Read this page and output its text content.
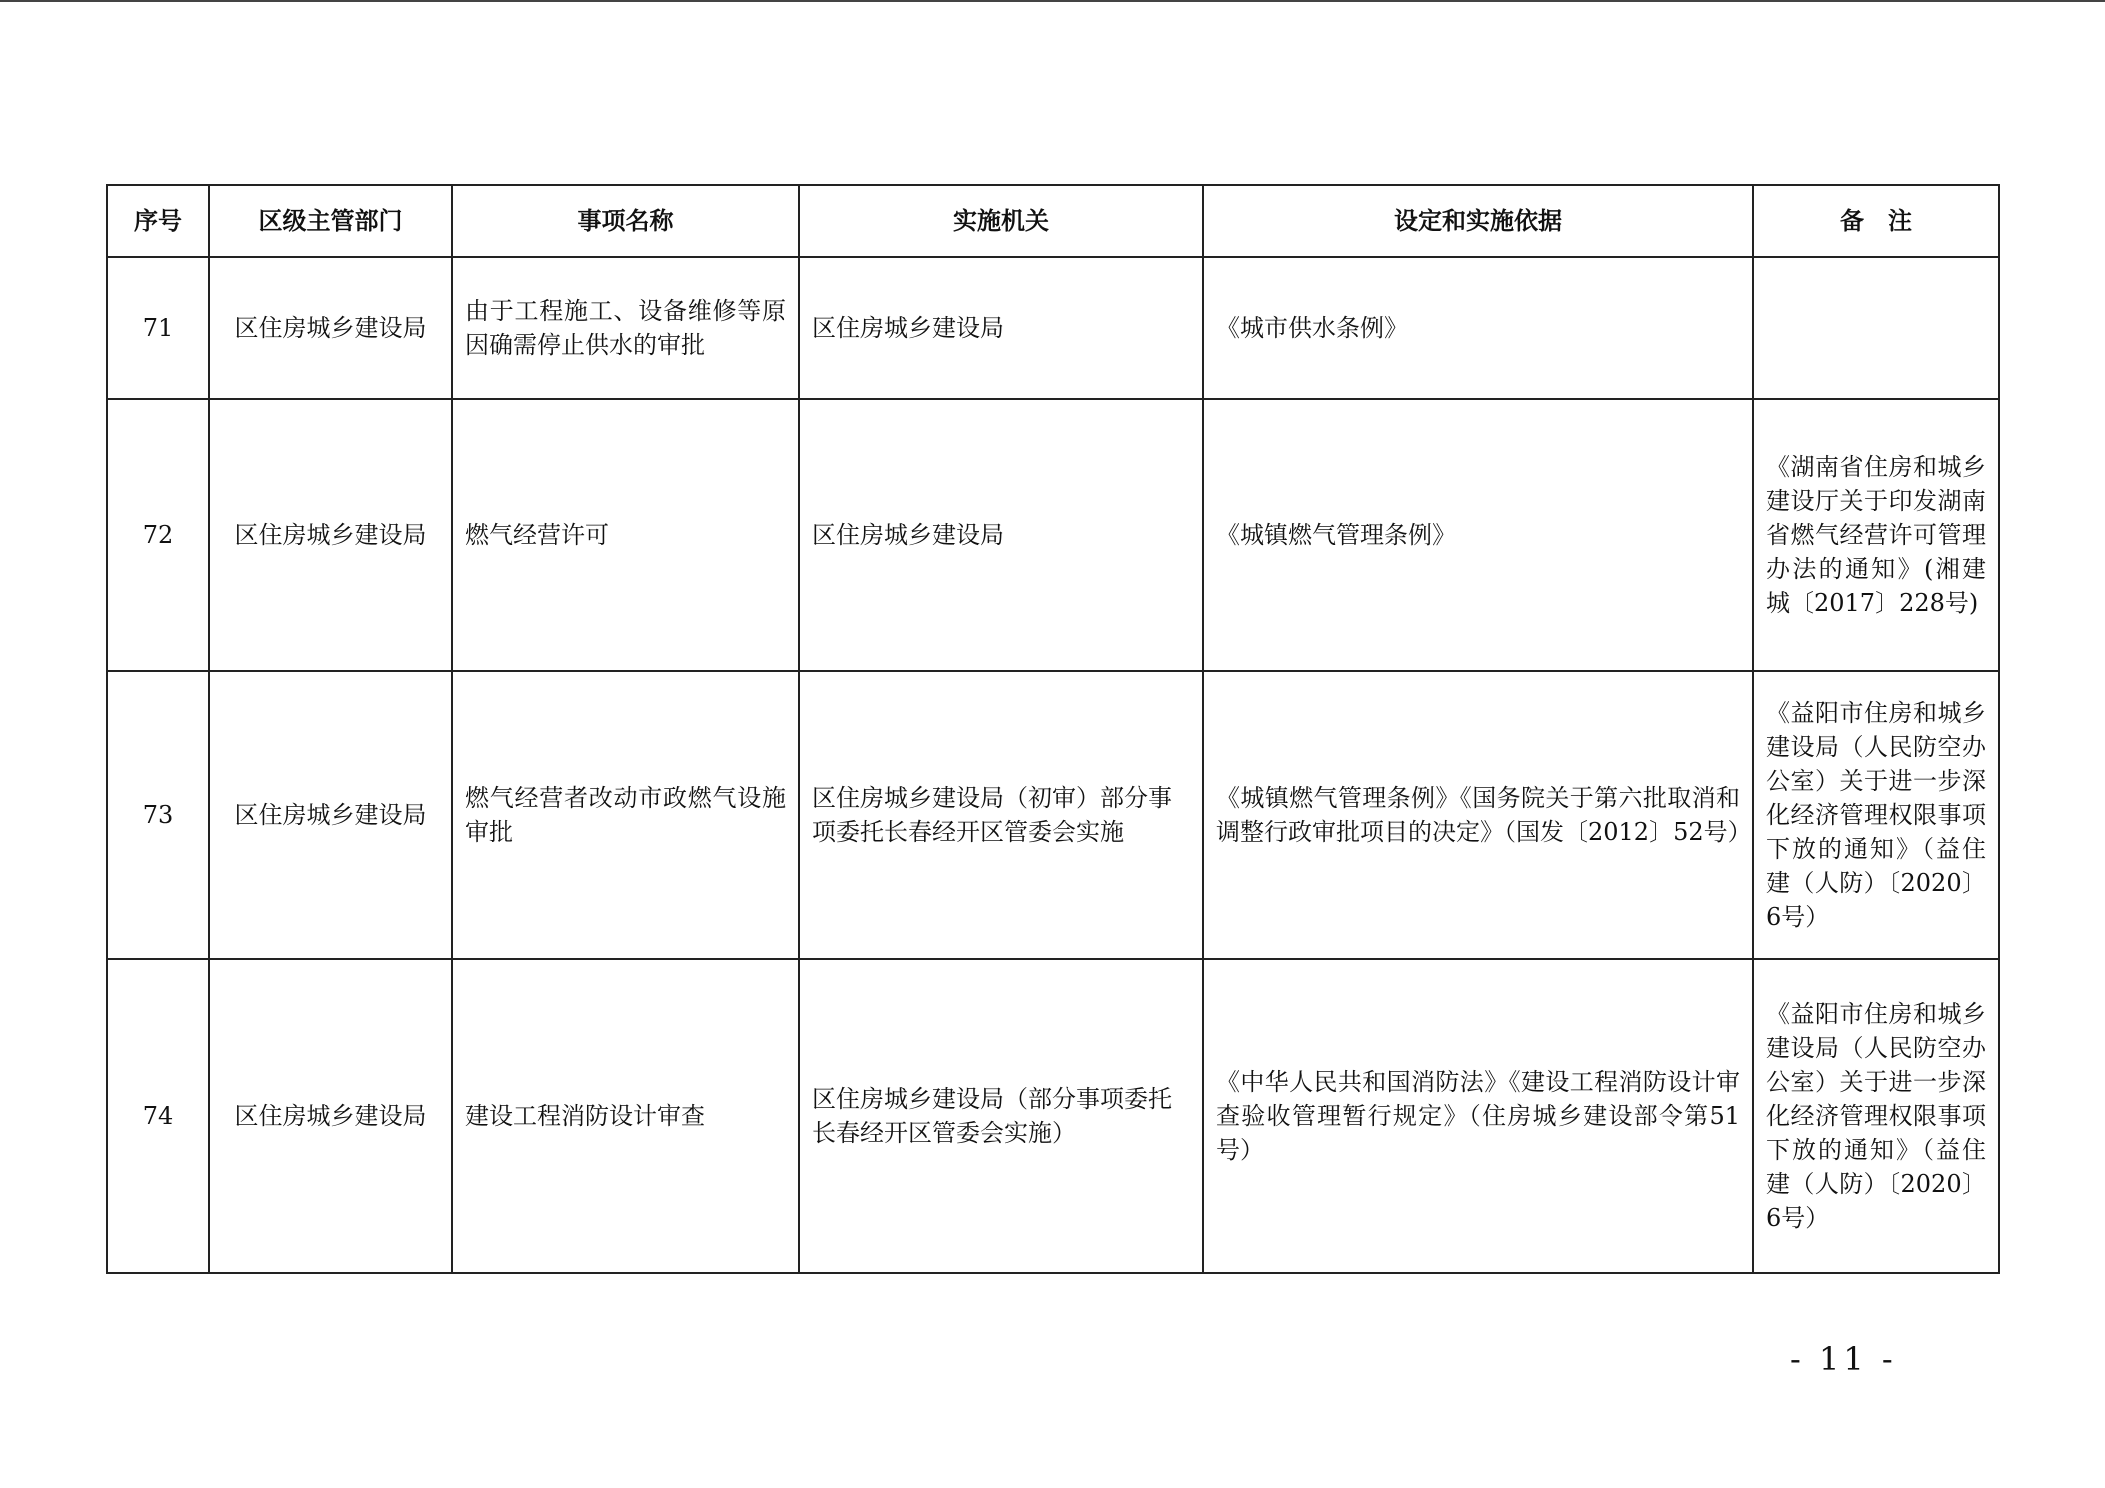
序号	区级主管部门	事项名称	实施机关	设定和实施依据	备　注
71	区住房城乡建设局	由于工程施工、设备维修等原因确需停止供水的审批	区住房城乡建设局	《城市供水条例》	
72	区住房城乡建设局	燃气经营许可	区住房城乡建设局	《城镇燃气管理条例》	《湖南省住房和城乡建设厅关于印发湖南省燃气经营许可管理办法的通知》(湘建城〔2017〕228号)
73	区住房城乡建设局	燃气经营者改动市政燃气设施审批	区住房城乡建设局（初审）部分事项委托长春经开区管委会实施	《城镇燃气管理条例》《国务院关于第六批取消和调整行政审批项目的决定》（国发〔2012〕52号）	《益阳市住房和城乡建设局（人民防空办公室）关于进一步深化经济管理权限事项下放的通知》（益住建（人防）〔2020〕6号）
74	区住房城乡建设局	建设工程消防设计审查	区住房城乡建设局（部分事项委托长春经开区管委会实施）	《中华人民共和国消防法》《建设工程消防设计审查验收管理暂行规定》（住房城乡建设部令第51号）	《益阳市住房和城乡建设局（人民防空办公室）关于进一步深化经济管理权限事项下放的通知》（益住建（人防）〔2020〕6号）
- 11 -
